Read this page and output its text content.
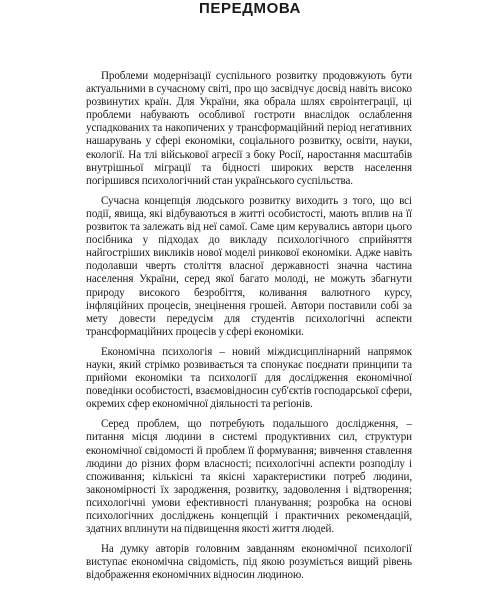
ПЕРЕДМОВА

Проблеми модернізації суспільного розвитку продовжують бути актуальними в сучасному світі, про що засвідчує досвід навіть високо розвинутих країн. Для України, яка обрала шлях євроінтеграції, ці проблеми набувають особливої гостроти внаслідок ослаблення успадкованих та накопичених у трансформаційний період негативних нашарувань у сфері економіки, соціального розвитку, освіти, науки, екології. На тлі військової агресії з боку Росії, наростання масштабів внутрішньої міграції та бідності широких верств населення погіршився психологічний стан українського суспільства.

Сучасна концепція людського розвитку виходить з того, що всі події, явища, які відбуваються в житті особистості, мають вплив на її розвиток та залежать від неї самої. Саме цим керувались автори цього посібника у підходах до викладу психологічного сприйняття найгостріших викликів нової моделі ринкової економіки. Адже навіть подолавши чверть століття власної державності значна частина населення України, серед якої багато молоді, не можуть збагнути природу високого безробіття, коливання валютного курсу, інфляційних процесів, знецінення грошей. Автори поставили собі за мету довести передусім для студентів психологічні аспекти трансформаційних процесів у сфері економіки.

Економічна психологія – новий міждисциплінарний напрямок науки, який стрімко розвивається та спонукає поєднати принципи та прийоми економіки та психології для дослідження економічної поведінки особистості, взаємовідносин суб'єктів господарської сфери, окремих сфер економічної діяльності та регіонів.

Серед проблем, що потребують подальшого дослідження, – питання місця людини в системі продуктивних сил, структури економічної свідомості й проблем її формування; вивчення ставлення людини до різних форм власності; психологічні аспекти розподілу і споживання; кількісні та якісні характеристики потреб людини, закономірності їх зародження, розвитку, задоволення і відтворення; психологічні умови ефективності планування; розробка на основі психологічних досліджень концепцій і практичних рекомендацій, здатних вплинути на підвищення якості життя людей.

На думку авторів головним завданням економічної психології виступає економічна свідомість, під якою розуміється вищий рівень відображення економічних відносин людиною.
